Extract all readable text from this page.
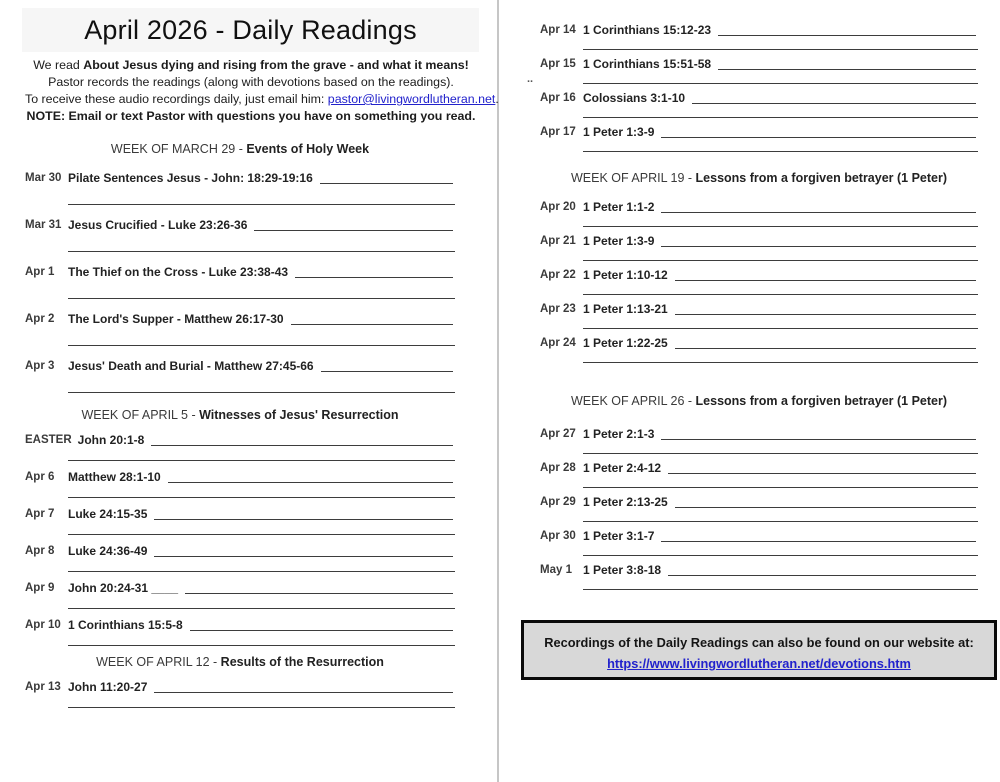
April 2026 - Daily Readings
We read About Jesus dying and rising from the grave - and what it means!
Pastor records the readings (along with devotions based on the readings).
To receive these audio recordings daily, just email him: pastor@livingwordlutheran.net.
NOTE: Email or text Pastor with questions you have on something you read.
WEEK OF MARCH 29 - Events of Holy Week
Mar 30 Pilate Sentences Jesus - John: 18:29-19:16
Mar 31 Jesus Crucified - Luke 23:26-36
Apr 1	The Thief on the Cross - Luke 23:38-43
Apr 2	The Lord's Supper - Matthew 26:17-30
Apr 3	Jesus' Death and Burial - Matthew 27:45-66
WEEK OF APRIL 5 - Witnesses of Jesus' Resurrection
EASTER John 20:1-8
Apr 6	Matthew 28:1-10
Apr 7	Luke 24:15-35
Apr 8	Luke 24:36-49
Apr 9	John 20:24-31 ____
Apr 10 1 Corinthians 15:5-8
WEEK OF APRIL 12 - Results of the Resurrection
Apr 13 John 11:20-27
Apr 14 1 Corinthians 15:12-23
Apr 15 1 Corinthians 15:51-58
..
Apr 16 Colossians 3:1-10
Apr 17 1 Peter 1:3-9
WEEK OF APRIL 19 - Lessons from a forgiven betrayer (1 Peter)
Apr 20 1 Peter 1:1-2
Apr 21 1 Peter 1:3-9
Apr 22 1 Peter 1:10-12
Apr 23 1 Peter 1:13-21
Apr 24 1 Peter 1:22-25
WEEK OF APRIL 26 - Lessons from a forgiven betrayer (1 Peter)
Apr 27 1 Peter 2:1-3
Apr 28 1 Peter 2:4-12
Apr 29 1 Peter 2:13-25
Apr 30 1 Peter 3:1-7
May 1 1 Peter 3:8-18
Recordings of the Daily Readings can also be found on our website at:
https://www.livingwordlutheran.net/devotions.htm
